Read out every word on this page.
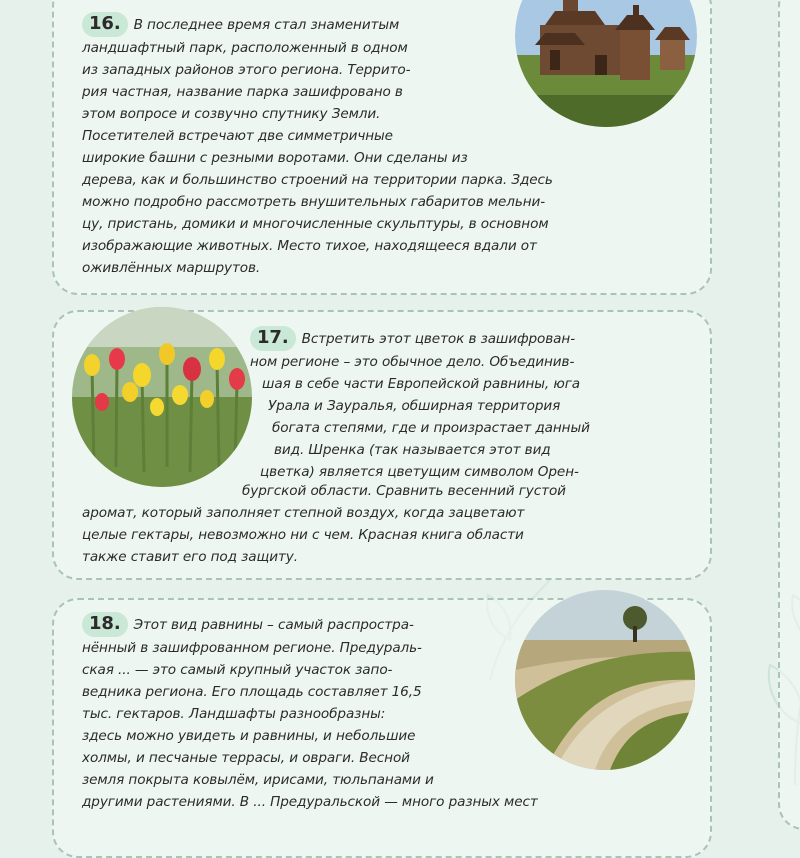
16. В последнее время стал знаменитым
ландшафтный парк, расположенный в одном
из западных районов этого региона. Террито-
рия частная, название парка зашифровано в
этом вопросе и созвучно спутнику Земли.
Посетителей встречают две симметричные
широкие башни с резными воротами. Они сделаны из
дерева, как и большинство строений на территории парка. Здесь
можно подробно рассмотреть внушительных габаритов мельни-
цу, пристань, домики и многочисленные скульптуры, в основном
изображающие животных. Место тихое, находящееся вдали от
оживлённых маршрутов.
17. Встретить этот цветок в зашифрован-
ном регионе – это обычное дело. Объединив-
шая в себе части Европейской равнины, юга
Урала и Зауралья, обширная территория
богата степями, где и произрастает данный
вид. Шренка (так называется этот вид
цветка) является цветущим символом Орен-
бургской области. Сравнить весенний густой
аромат, который заполняет степной воздух, когда зацветают
целые гектары, невозможно ни с чем. Красная книга области
также ставит его под защиту.
18. Этот вид равнины – самый распростра-
нённый в зашифрованном регионе. Предураль-
ская ... — это самый крупный участок запо-
ведника региона. Его площадь составляет 16,5
тыс. гектаров. Ландшафты разнообразны:
здесь можно увидеть и равнины, и небольшие
холмы, и песчаные террасы, и овраги. Весной
земля покрыта ковылём, ирисами, тюльпанами и
другими растениями. В ... Предуральской — много разных мест
